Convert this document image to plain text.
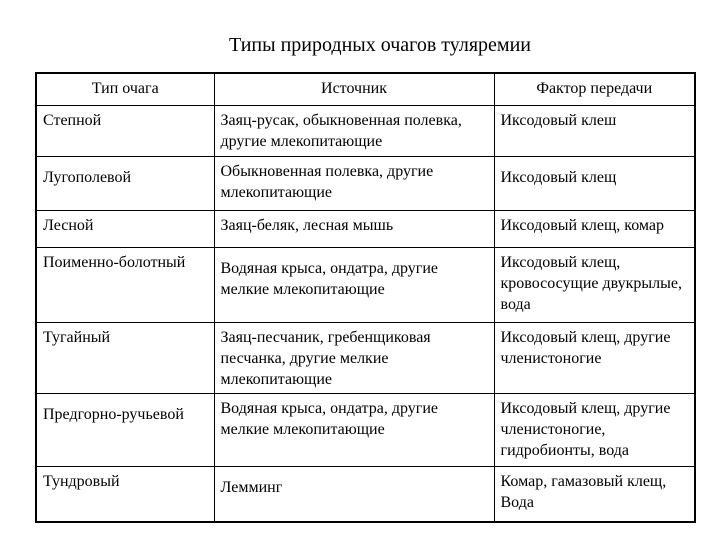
Типы природных очагов туляремии
Тип очага	Источник	Фактор передачи
Степной	Заяц-русак, обыкновенная полевка, другие млекопитающие	Иксодовый клеш
Лугополевой	Обыкновенная полевка, другие млекопитающие	Иксодовый клещ
Лесной	Заяц-беляк, лесная мышь	Иксодовый клещ, комар
Поименно-болотный	Водяная крыса, ондатра, другие мелкие млекопитающие	Иксодовый клещ, кровососущие двукрылые, вода
Тугайный	Заяц-песчаник, гребенщиковая песчанка, другие мелкие млекопитающие	Иксодовый клещ, другие членистоногие
Предгорно-ручьевой	Водяная крыса, ондатра, другие мелкие млекопитающие	Иксодовый клещ, другие членистоногие, гидробионты, вода
Тундровый	Лемминг	Комар, гамазовый клещ, Вода
